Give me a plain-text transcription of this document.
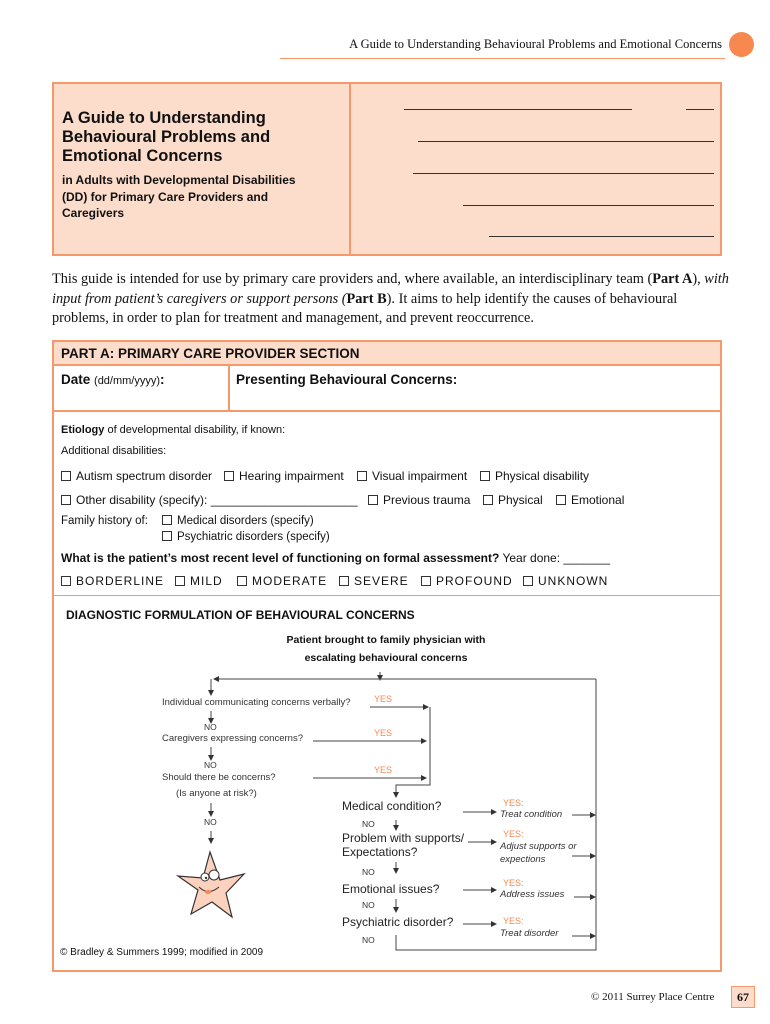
A Guide to Understanding Behavioural Problems and Emotional Concerns
A Guide to Understanding Behavioural Problems and Emotional Concerns
in Adults with Developmental Disabilities (DD) for Primary Care Providers and Caregivers
This guide is intended for use by primary care providers and, where available, an interdisciplinary team (Part A), with input from patient’s caregivers or support persons (Part B). It aims to help identify the causes of behavioural problems, in order to plan for treatment and management, and prevent reoccurrence.
PART A: PRIMARY CARE PROVIDER SECTION
Date (dd/mm/yyyy):	Presenting Behavioural Concerns:
Etiology of developmental disability, if known:
Additional disabilities:
Autism spectrum disorder	Hearing impairment	Visual impairment	Physical disability
Other disability (specify): ______________________	Previous trauma	Physical	Emotional
Family history of:	Medical disorders (specify)
Psychiatric disorders (specify)
What is the patient’s most recent level of functioning on formal assessment? Year done: _______
BORDERLINE	MILD	MODERATE	SEVERE	PROFOUND	UNKNOWN
DIAGNOSTIC FORMULATION OF BEHAVIOURAL CONCERNS
Patient brought to family physician with
escalating behavioural concerns
Individual communicating concerns verbally?	YES
NO
Caregivers expressing concerns?	YES
NO
Should there be concerns?
YES
(Is anyone at risk?)
NO
Medical condition?
NO
Problem with supports/
Expectations?
NO
Emotional issues?
NO
Psychiatric disorder?
NO
YES:
Treat condition
YES:
Adjust supports or
expections
YES:
Address issues
YES:
Treat disorder
© Bradley & Summers 1999; modified in 2009
© 2011 Surrey Place Centre	67
